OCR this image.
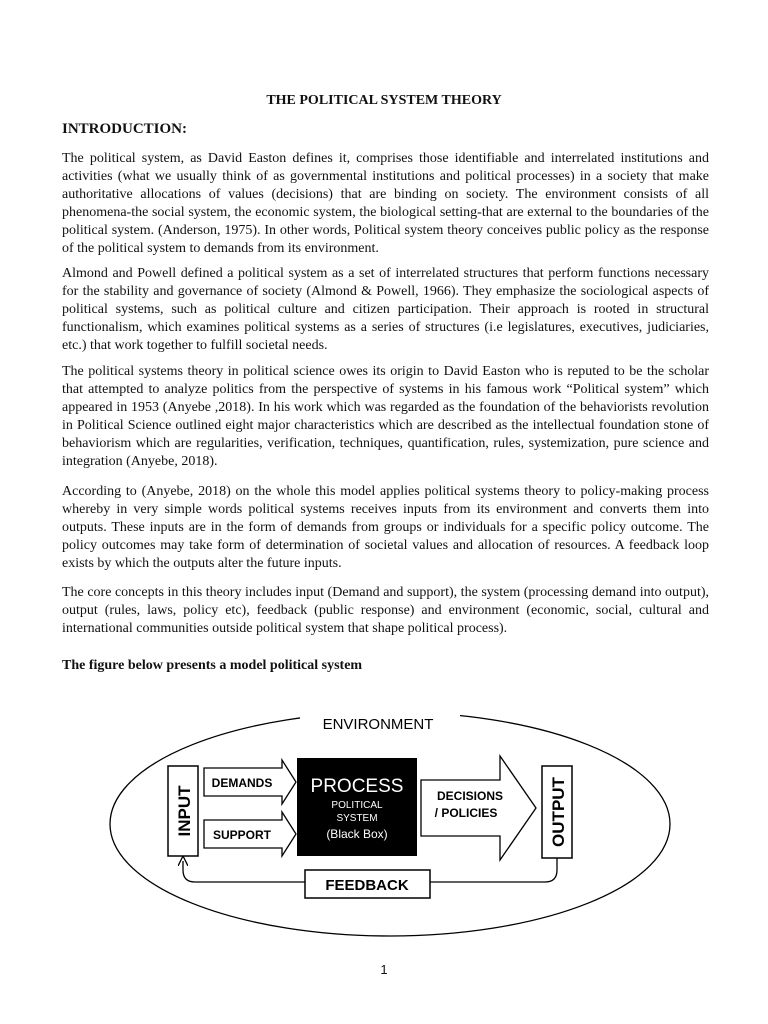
THE POLITICAL SYSTEM THEORY
INTRODUCTION:

The political system, as David Easton defines it, comprises those identifiable and interrelated institutions and activities (what we usually think of as governmental institutions and political processes) in a society that make authoritative allocations of values (decisions) that are binding on society. The environment consists of all phenomena-the social system, the economic system, the biological setting-that are external to the boundaries of the political system. (Anderson, 1975). In other words, Political system theory conceives public policy as the response of the political system to demands from its environment.

Almond and Powell defined a political system as a set of interrelated structures that perform functions necessary for the stability and governance of society (Almond & Powell, 1966). They emphasize the sociological aspects of political systems, such as political culture and citizen participation. Their approach is rooted in structural functionalism, which examines political systems as a series of structures (i.e legislatures, executives, judiciaries, etc.) that work together to fulfill societal needs.

The political systems theory in political science owes its origin to David Easton who is reputed to be the scholar that attempted to analyze politics from the perspective of systems in his famous work “Political system” which appeared in 1953 (Anyebe ,2018). In his work which was regarded as the foundation of the behaviorists revolution in Political Science outlined eight major characteristics which are described as the intellectual foundation stone of behaviorism which are regularities, verification, techniques, quantification, rules, systemization, pure science and integration (Anyebe, 2018).

According to (Anyebe, 2018) on the whole this model applies political systems theory to policy-making process whereby in very simple words political systems receives inputs from its environment and converts them into outputs. These inputs are in the form of demands from groups or individuals for a specific policy outcome. The policy outcomes may take form of determination of societal values and allocation of resources. A feedback loop exists by which the outputs alter the future inputs.

The core concepts in this theory includes input (Demand and support), the system (processing demand into output), output (rules, laws, policy etc), feedback (public response) and environment (economic, social, cultural and international communities outside political system that shape political process).

The figure below presents a model political system
ENVIRONMENT
INPUT
DEMANDS
SUPPORT
PROCESS
POLITICAL
SYSTEM
(Black Box)
DECISIONS
/ POLICIES	OUTPUT
FEEDBACK
1
